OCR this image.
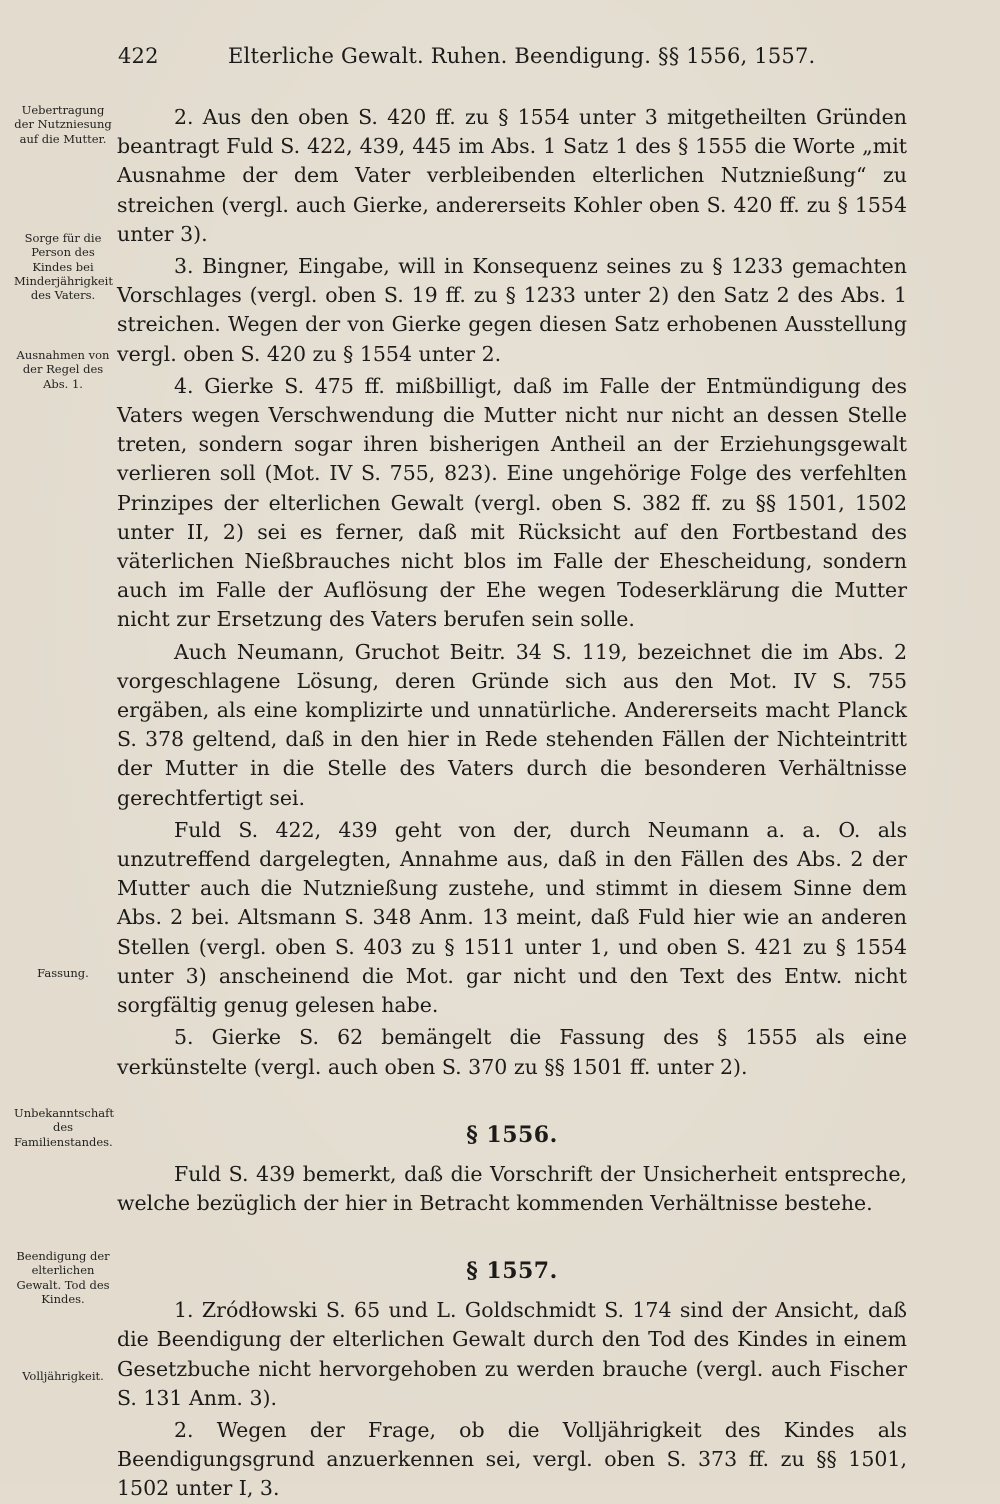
422	Elterliche Gewalt. Ruhen. Beendigung. §§ 1556, 1557.
Uebertragung der Nutzniesung auf die Mutter.
Sorge für die Person des Kindes bei Minderjährigkeit des Vaters.
Ausnahmen von der Regel des Abs. 1.
Fassung.
Unbekanntschaft des Familienstandes.
Beendigung der elterlichen Gewalt. Tod des Kindes.
Volljährigkeit.

2. Aus den oben S. 420 ff. zu § 1554 unter 3 mitgetheilten Gründen beantragt Fuld S. 422, 439, 445 im Abs. 1 Satz 1 des § 1555 die Worte „mit Ausnahme der dem Vater verbleibenden elterlichen Nutznießung“ zu streichen (vergl. auch Gierke, andererseits Kohler oben S. 420 ff. zu § 1554 unter 3).

3. Bingner, Eingabe, will in Konsequenz seines zu § 1233 gemachten Vorschlages (vergl. oben S. 19 ff. zu § 1233 unter 2) den Satz 2 des Abs. 1 streichen. Wegen der von Gierke gegen diesen Satz erhobenen Ausstellung vergl. oben S. 420 zu § 1554 unter 2.

4. Gierke S. 475 ff. mißbilligt, daß im Falle der Entmündigung des Vaters wegen Verschwendung die Mutter nicht nur nicht an dessen Stelle treten, sondern sogar ihren bisherigen Antheil an der Erziehungsgewalt verlieren soll (Mot. IV S. 755, 823). Eine ungehörige Folge des verfehlten Prinzipes der elterlichen Gewalt (vergl. oben S. 382 ff. zu §§ 1501, 1502 unter II, 2) sei es ferner, daß mit Rücksicht auf den Fortbestand des väterlichen Nießbrauches nicht blos im Falle der Ehescheidung, sondern auch im Falle der Auflösung der Ehe wegen Todeserklärung die Mutter nicht zur Ersetzung des Vaters berufen sein solle.

Auch Neumann, Gruchot Beitr. 34 S. 119, bezeichnet die im Abs. 2 vorgeschlagene Lösung, deren Gründe sich aus den Mot. IV S. 755 ergäben, als eine komplizirte und unnatürliche. Andererseits macht Planck S. 378 geltend, daß in den hier in Rede stehenden Fällen der Nichteintritt der Mutter in die Stelle des Vaters durch die besonderen Verhältnisse gerechtfertigt sei.

Fuld S. 422, 439 geht von der, durch Neumann a. a. O. als unzutreffend dargelegten, Annahme aus, daß in den Fällen des Abs. 2 der Mutter auch die Nutznießung zustehe, und stimmt in diesem Sinne dem Abs. 2 bei. Altsmann S. 348 Anm. 13 meint, daß Fuld hier wie an anderen Stellen (vergl. oben S. 403 zu § 1511 unter 1, und oben S. 421 zu § 1554 unter 3) anscheinend die Mot. gar nicht und den Text des Entw. nicht sorgfältig genug gelesen habe.

5. Gierke S. 62 bemängelt die Fassung des § 1555 als eine verkünstelte (vergl. auch oben S. 370 zu §§ 1501 ff. unter 2).

§ 1556.

Fuld S. 439 bemerkt, daß die Vorschrift der Unsicherheit entspreche, welche bezüglich der hier in Betracht kommenden Verhältnisse bestehe.

§ 1557.

1. Zródłowski S. 65 und L. Goldschmidt S. 174 sind der Ansicht, daß die Beendigung der elterlichen Gewalt durch den Tod des Kindes in einem Gesetzbuche nicht hervorgehoben zu werden brauche (vergl. auch Fischer S. 131 Anm. 3).

2. Wegen der Frage, ob die Volljährigkeit des Kindes als Beendigungsgrund anzuerkennen sei, vergl. oben S. 373 ff. zu §§ 1501, 1502 unter I, 3.
